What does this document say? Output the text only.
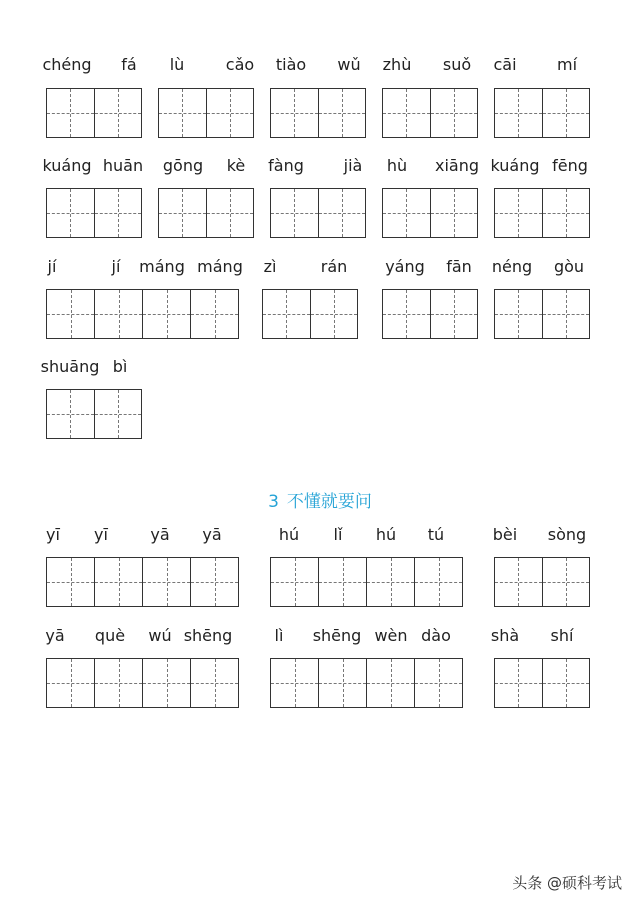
chéng	fá	lù	cǎo	tiào	wǔ	zhù	suǒ	cāi	mí
kuáng huān	gōng	kè	fàng	jià	hù	xiāng kuáng fēng
jí	jí	máng máng	zì	rán	yáng	fān	néng	gòu
shuāng bì
3 不懂就要问
yī	yī	yā	yā	hú	lǐ	hú	tú	bèi	sòng
yā	què	wú shēng	lì	shēng wèn dào	shà	shí
头条 @硕科考试
